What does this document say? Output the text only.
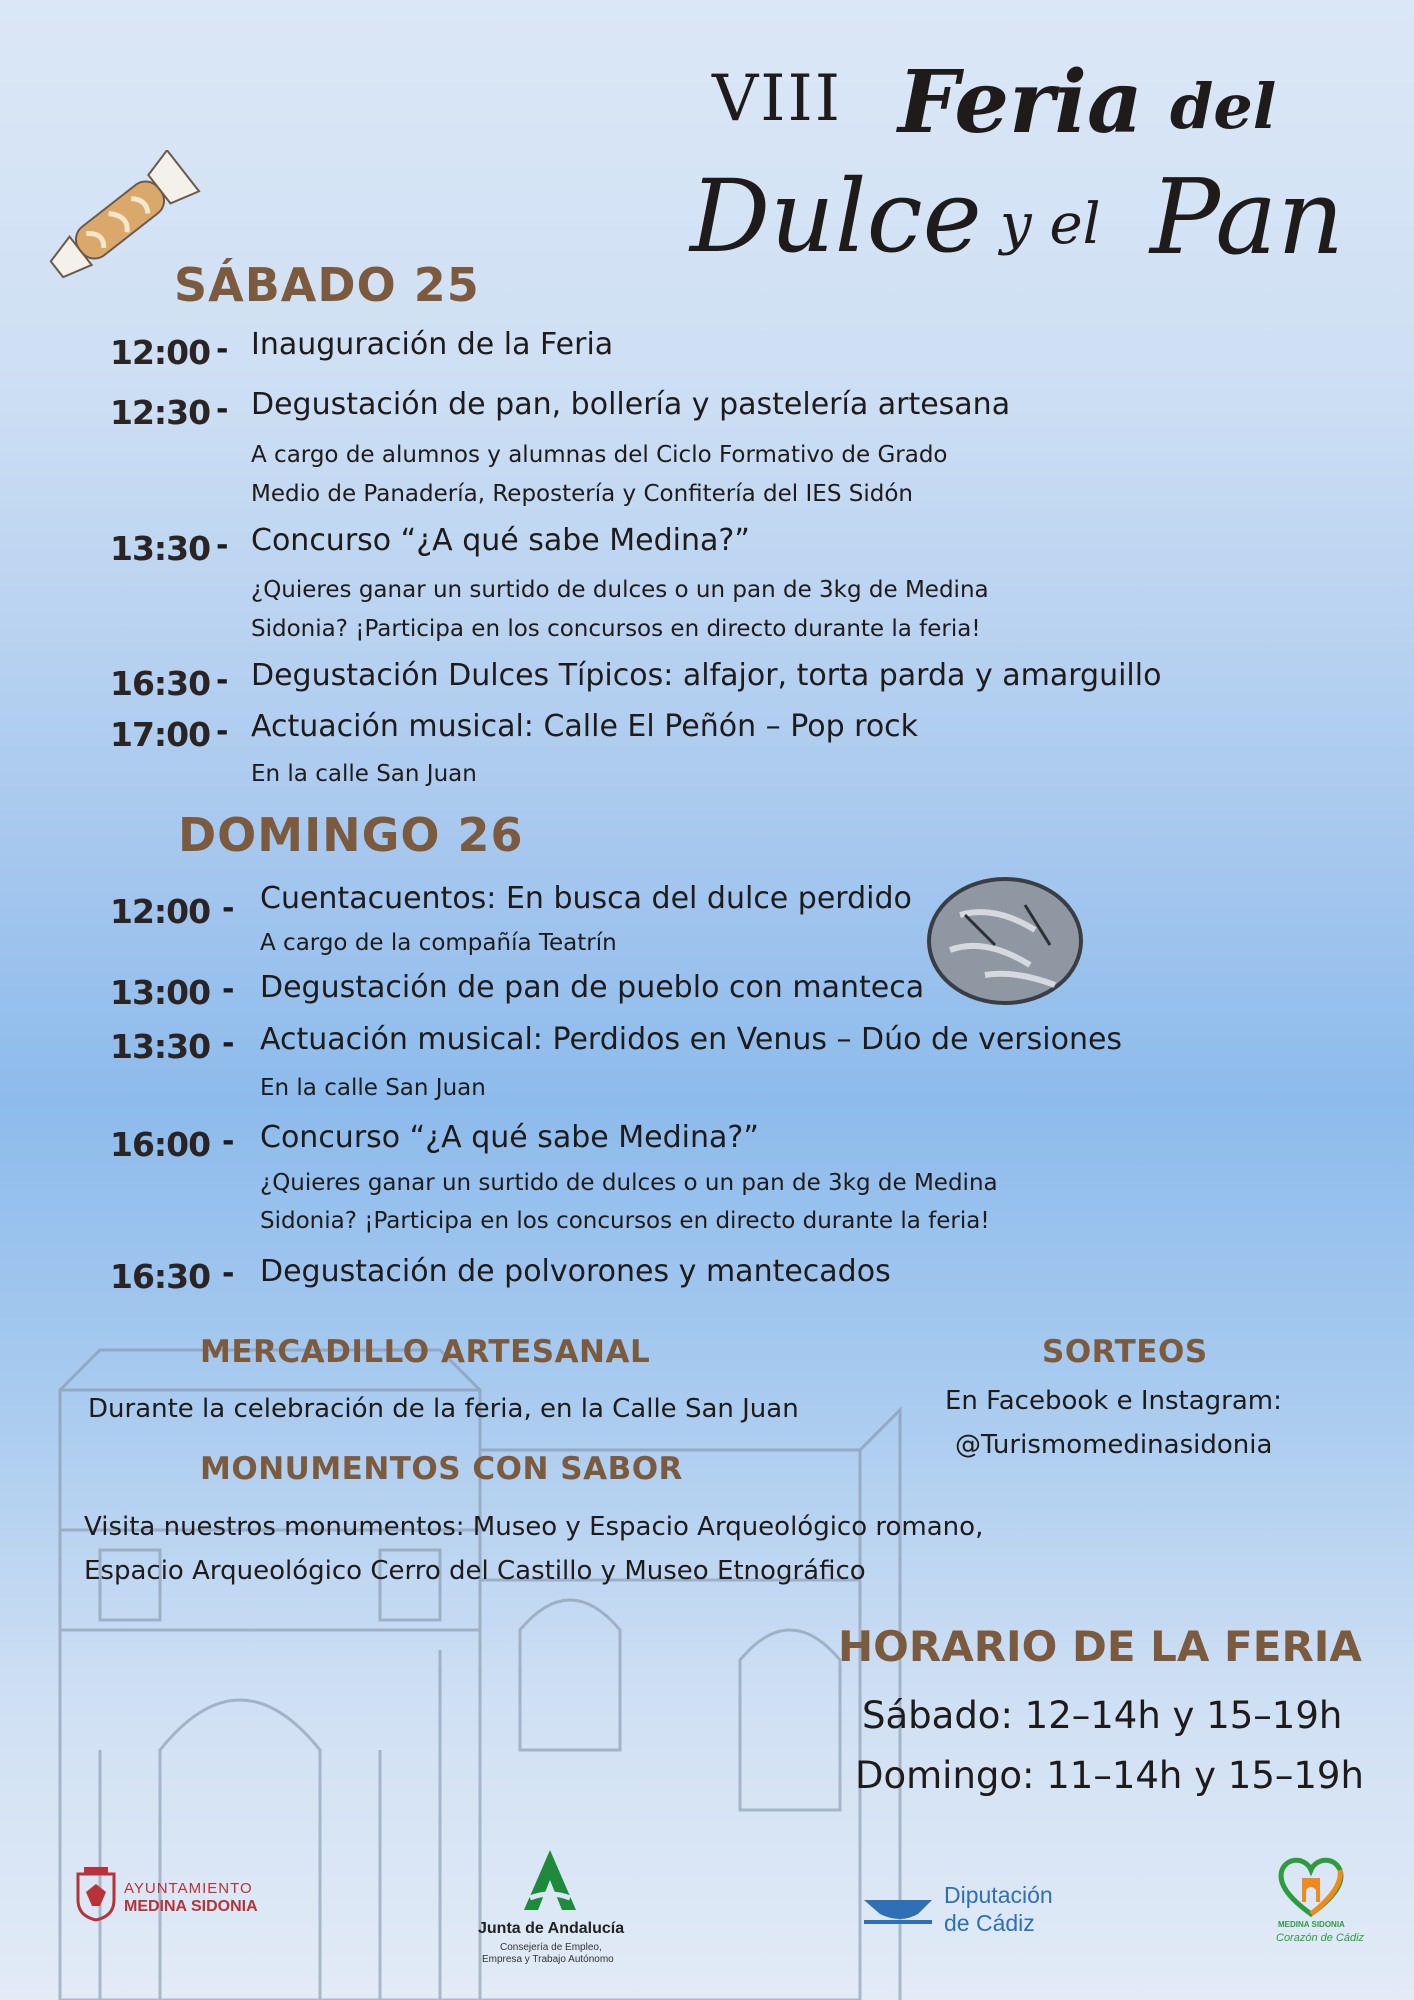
VIII Feria del
Dulce y el Pan
SÁBADO 25
12:00 - Inauguración de la Feria
12:30 - Degustación de pan, bollería y pastelería artesana
A cargo de alumnos y alumnas del Ciclo Formativo de Grado
Medio de Panadería, Repostería y Confitería del IES Sidón
13:30 - Concurso “¿A qué sabe Medina?”
¿Quieres ganar un surtido de dulces o un pan de 3kg de Medina
Sidonia? ¡Participa en los concursos en directo durante la feria!
16:30 - Degustación Dulces Típicos: alfajor, torta parda y amarguillo
17:00 - Actuación musical: Calle El Peñón – Pop rock
En la calle San Juan
DOMINGO 26
12:00 - Cuentacuentos: En busca del dulce perdido
A cargo de la compañía Teatrín
13:00 - Degustación de pan de pueblo con manteca
13:30 - Actuación musical: Perdidos en Venus – Dúo de versiones
En la calle San Juan
16:00 - Concurso “¿A qué sabe Medina?”
¿Quieres ganar un surtido de dulces o un pan de 3kg de Medina
Sidonia? ¡Participa en los concursos en directo durante la feria!
16:30 - Degustación de polvorones y mantecados
MERCADILLO ARTESANAL
Durante la celebración de la feria, en la Calle San Juan
SORTEOS
En Facebook e Instagram:
@Turismomedinasidonia
MONUMENTOS CON SABOR
Visita nuestros monumentos: Museo y Espacio Arqueológico romano,
Espacio Arqueológico Cerro del Castillo y Museo Etnográfico
HORARIO DE LA FERIA
Sábado: 12–14h y 15–19h
Domingo: 11–14h y 15–19h
AYUNTAMIENTO
MEDINA SIDONIA
Junta de Andalucía
Consejería de Empleo,
Empresa y Trabajo Autónomo
Diputación
de Cádiz	MEDINA SIDONIA
Corazón de Cádiz
